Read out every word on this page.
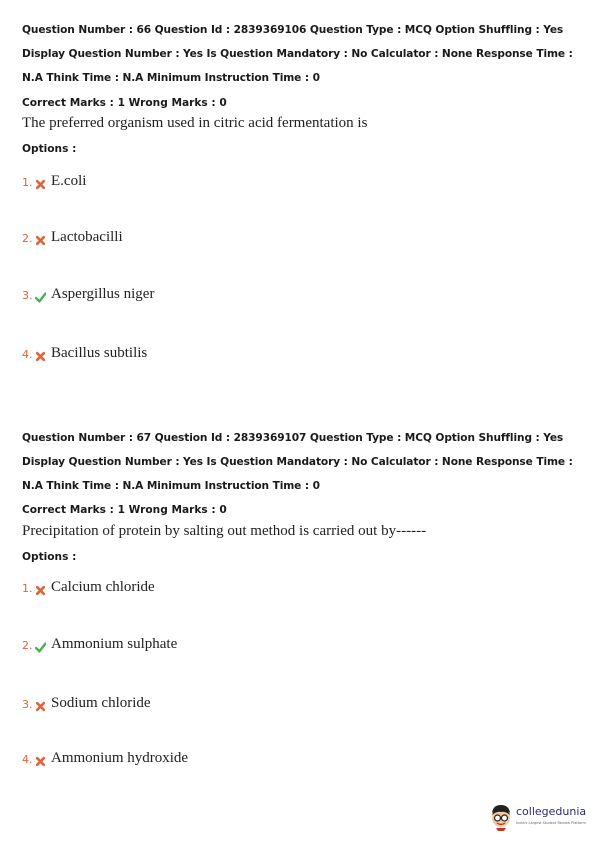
Question Number : 66 Question Id : 2839369106 Question Type : MCQ Option Shuffling : Yes Display Question Number : Yes Is Question Mandatory : No Calculator : None Response Time : N.A Think Time : N.A Minimum Instruction Time : 0
Correct Marks : 1 Wrong Marks : 0
The preferred organism used in citric acid fermentation is
Options :
1. E.coli
2. Lactobacilli
3. Aspergillus niger
4. Bacillus subtilis
Question Number : 67 Question Id : 2839369107 Question Type : MCQ Option Shuffling : Yes Display Question Number : Yes Is Question Mandatory : No Calculator : None Response Time : N.A Think Time : N.A Minimum Instruction Time : 0
Correct Marks : 1 Wrong Marks : 0
Precipitation of protein by salting out method is carried out by------
Options :
1. Calcium chloride
2. Ammonium sulphate
3. Sodium chloride
4. Ammonium hydroxide
collegedunia
India's Largest Student Review Platform
